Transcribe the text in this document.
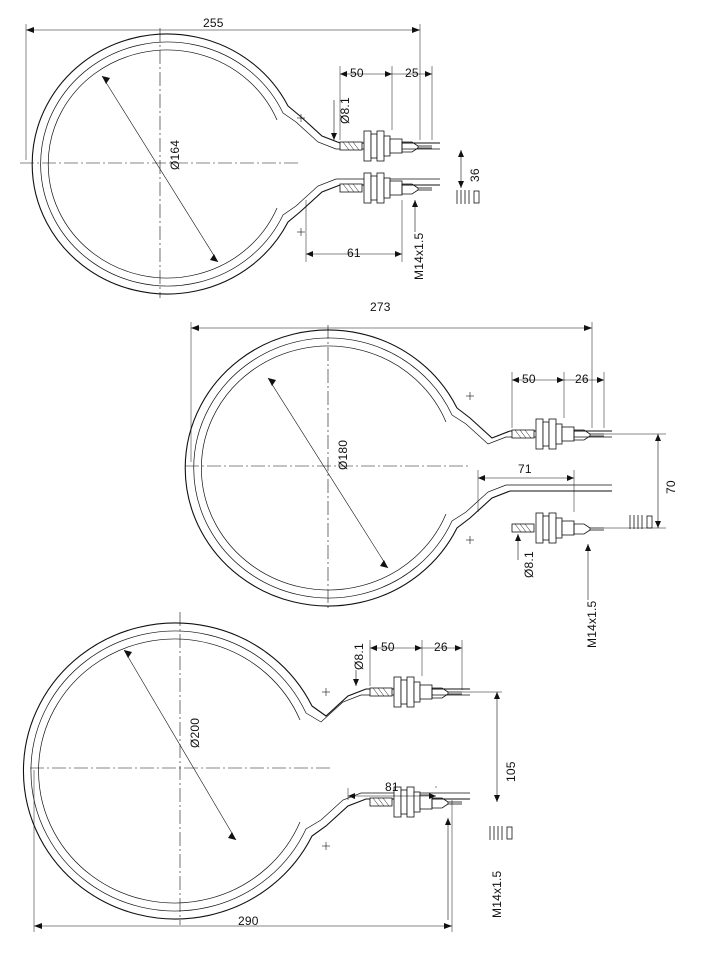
255
Ø164
50	25
Ø8.1
61
36
M14x1.5
273
Ø180
50	26
71
Ø8.1
70
M14x1.5
290
Ø200
Ø8.1 50	26
81
105
M14x1.5
